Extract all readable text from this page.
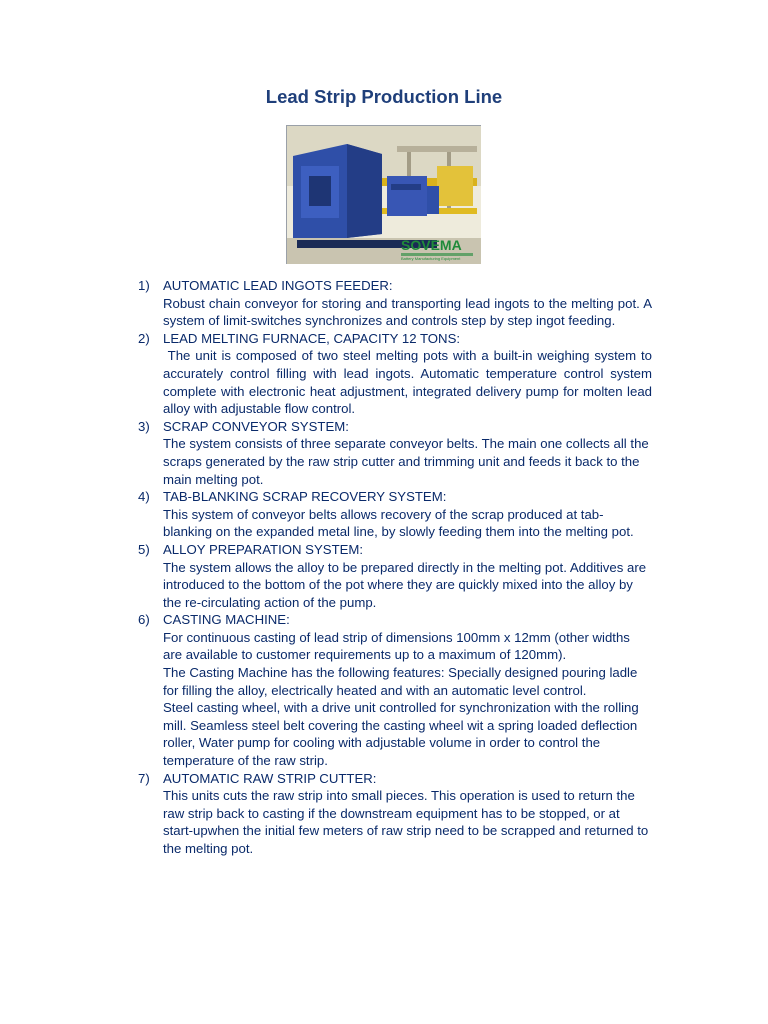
Lead Strip Production Line
SOVEMA
Battery Manufacturing Equipment
1) AUTOMATIC LEAD INGOTS FEEDER:
Robust chain conveyor for storing and transporting lead ingots to the melting pot. A system of limit-switches synchronizes and controls step by step ingot feeding.
2) LEAD MELTING FURNACE, CAPACITY 12 TONS:
The unit is composed of two steel melting pots with a built-in weighing system to accurately control filling with lead ingots. Automatic temperature control system complete with electronic heat adjustment, integrated delivery pump for molten lead alloy with adjustable flow control.
3) SCRAP CONVEYOR SYSTEM:
The system consists of three separate conveyor belts. The main one collects all the scraps generated by the raw strip cutter and trimming unit and feeds it back to the main melting pot.
4) TAB-BLANKING SCRAP RECOVERY SYSTEM:
This system of conveyor belts allows recovery of the scrap produced at tab-blanking on the expanded metal line, by slowly feeding them into the melting pot.
5) ALLOY PREPARATION SYSTEM:
The system allows the alloy to be prepared directly in the melting pot. Additives are introduced to the bottom of the pot where they are quickly mixed into the alloy by the re-circulating action of the pump.
6) CASTING MACHINE:
For continuous casting of lead strip of dimensions 100mm x 12mm (other widths are available to customer requirements up to a maximum of 120mm).
The Casting Machine has the following features: Specially designed pouring ladle for filling the alloy, electrically heated and with an automatic level control.
Steel casting wheel, with a drive unit controlled for synchronization with the rolling mill. Seamless steel belt covering the casting wheel wit a spring loaded deflection roller, Water pump for cooling with adjustable volume in order to control the temperature of the raw strip.
7) AUTOMATIC RAW STRIP CUTTER:
This units cuts the raw strip into small pieces. This operation is used to return the raw strip back to casting if the downstream equipment has to be stopped, or at start-upwhen the initial few meters of raw strip need to be scrapped and returned to the melting pot.
